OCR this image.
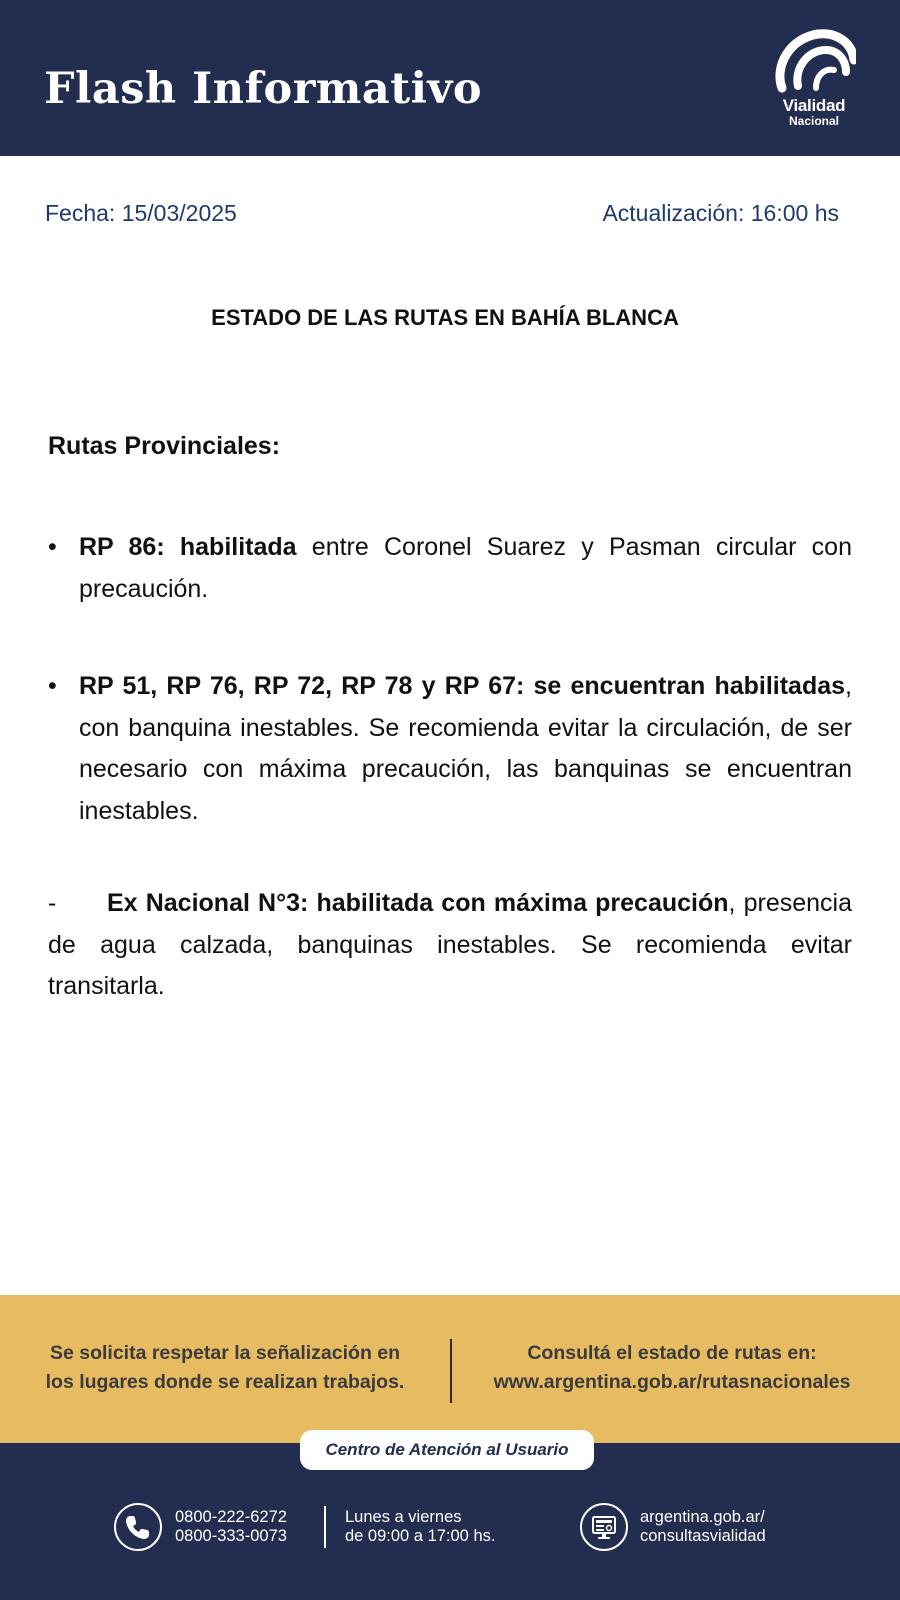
Flash Informativo	Vialidad
Nacional
Fecha: 15/03/2025	Actualización: 16:00 hs
ESTADO DE LAS RUTAS EN BAHÍA BLANCA
Rutas Provinciales:
• RP 86: habilitada entre Coronel Suarez y Pasman circular con precaución.
• RP 51, RP 76, RP 72, RP 78 y RP 67: se encuentran habilitadas, con banquina inestables. Se recomienda evitar la circulación, de ser necesario con máxima precaución, las banquinas se encuentran inestables.
- Ex Nacional N°3: habilitada con máxima precaución, presencia de agua calzada, banquinas inestables. Se recomienda evitar transitarla.
Se solicita respetar la señalización en
los lugares donde se realizan trabajos.
Consultá el estado de rutas en:
www.argentina.gob.ar/rutasnacionales
Centro de Atención al Usuario
0800-222-6272
0800-333-0073
Lunes a viernes
de 09:00 a 17:00 hs.
argentina.gob.ar/
consultasvialidad
